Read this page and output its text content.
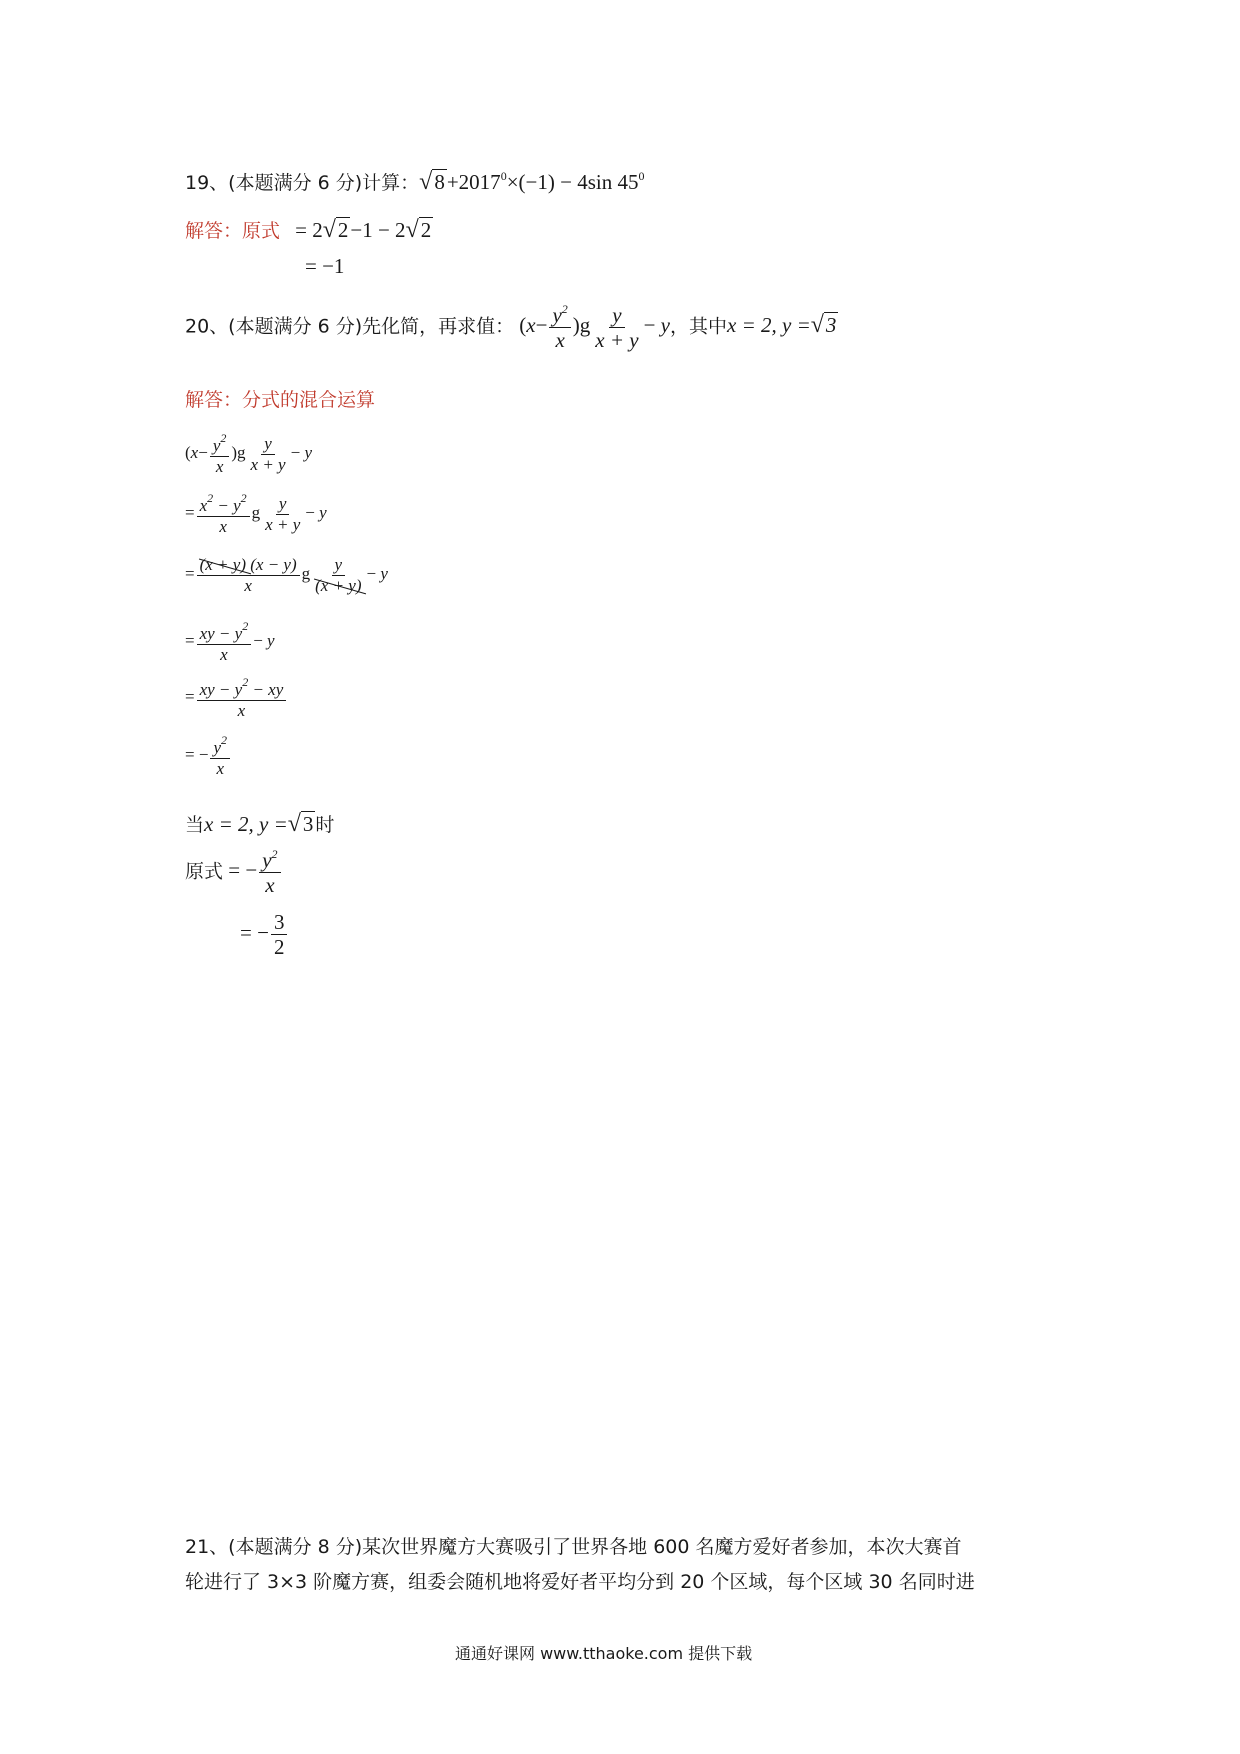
19、(本题满分 6 分)计算：$√8+2017^0\times(-1) - 4\sin$ $45^0$
解答：原式 = 2√2−1 − 2√2
= −1
20、(本题满分 6 分)先化简，再求值： $(x- \frac{y^2}{x} )g \frac{y}{x + y} - y$，其中x = 2, y =√3
解答：分式的混合运算
$(x- \frac{y^2}{x} )g \frac{y}{x + y} - y$
= $\frac{x^2 - y^2}{x}$ g $\frac{y}{x + y} - y$
= $\frac{(x + y) (x - y)}{x}$ g $\frac{y}{(x + y)} - y$
= $\frac{xy - y^2}{x} - y$
= $\frac{xy - y^2 - xy}{x}$
= − $\frac{y^2}{x}$
当x = 2, y =√3 时
原式 = − $\frac{y^2}{x}$
= − $\frac{3}{2}$
21、(本题满分 8 分)某次世界魔方大赛吸引了世界各地 600 名魔方爱好者参加，本次大赛首
轮进行了 3×3 阶魔方赛，组委会随机地将爱好者平均分到 20 个区域，每个区域 30 名同时进
通通好课网 www.tthaoke.com 提供下载
